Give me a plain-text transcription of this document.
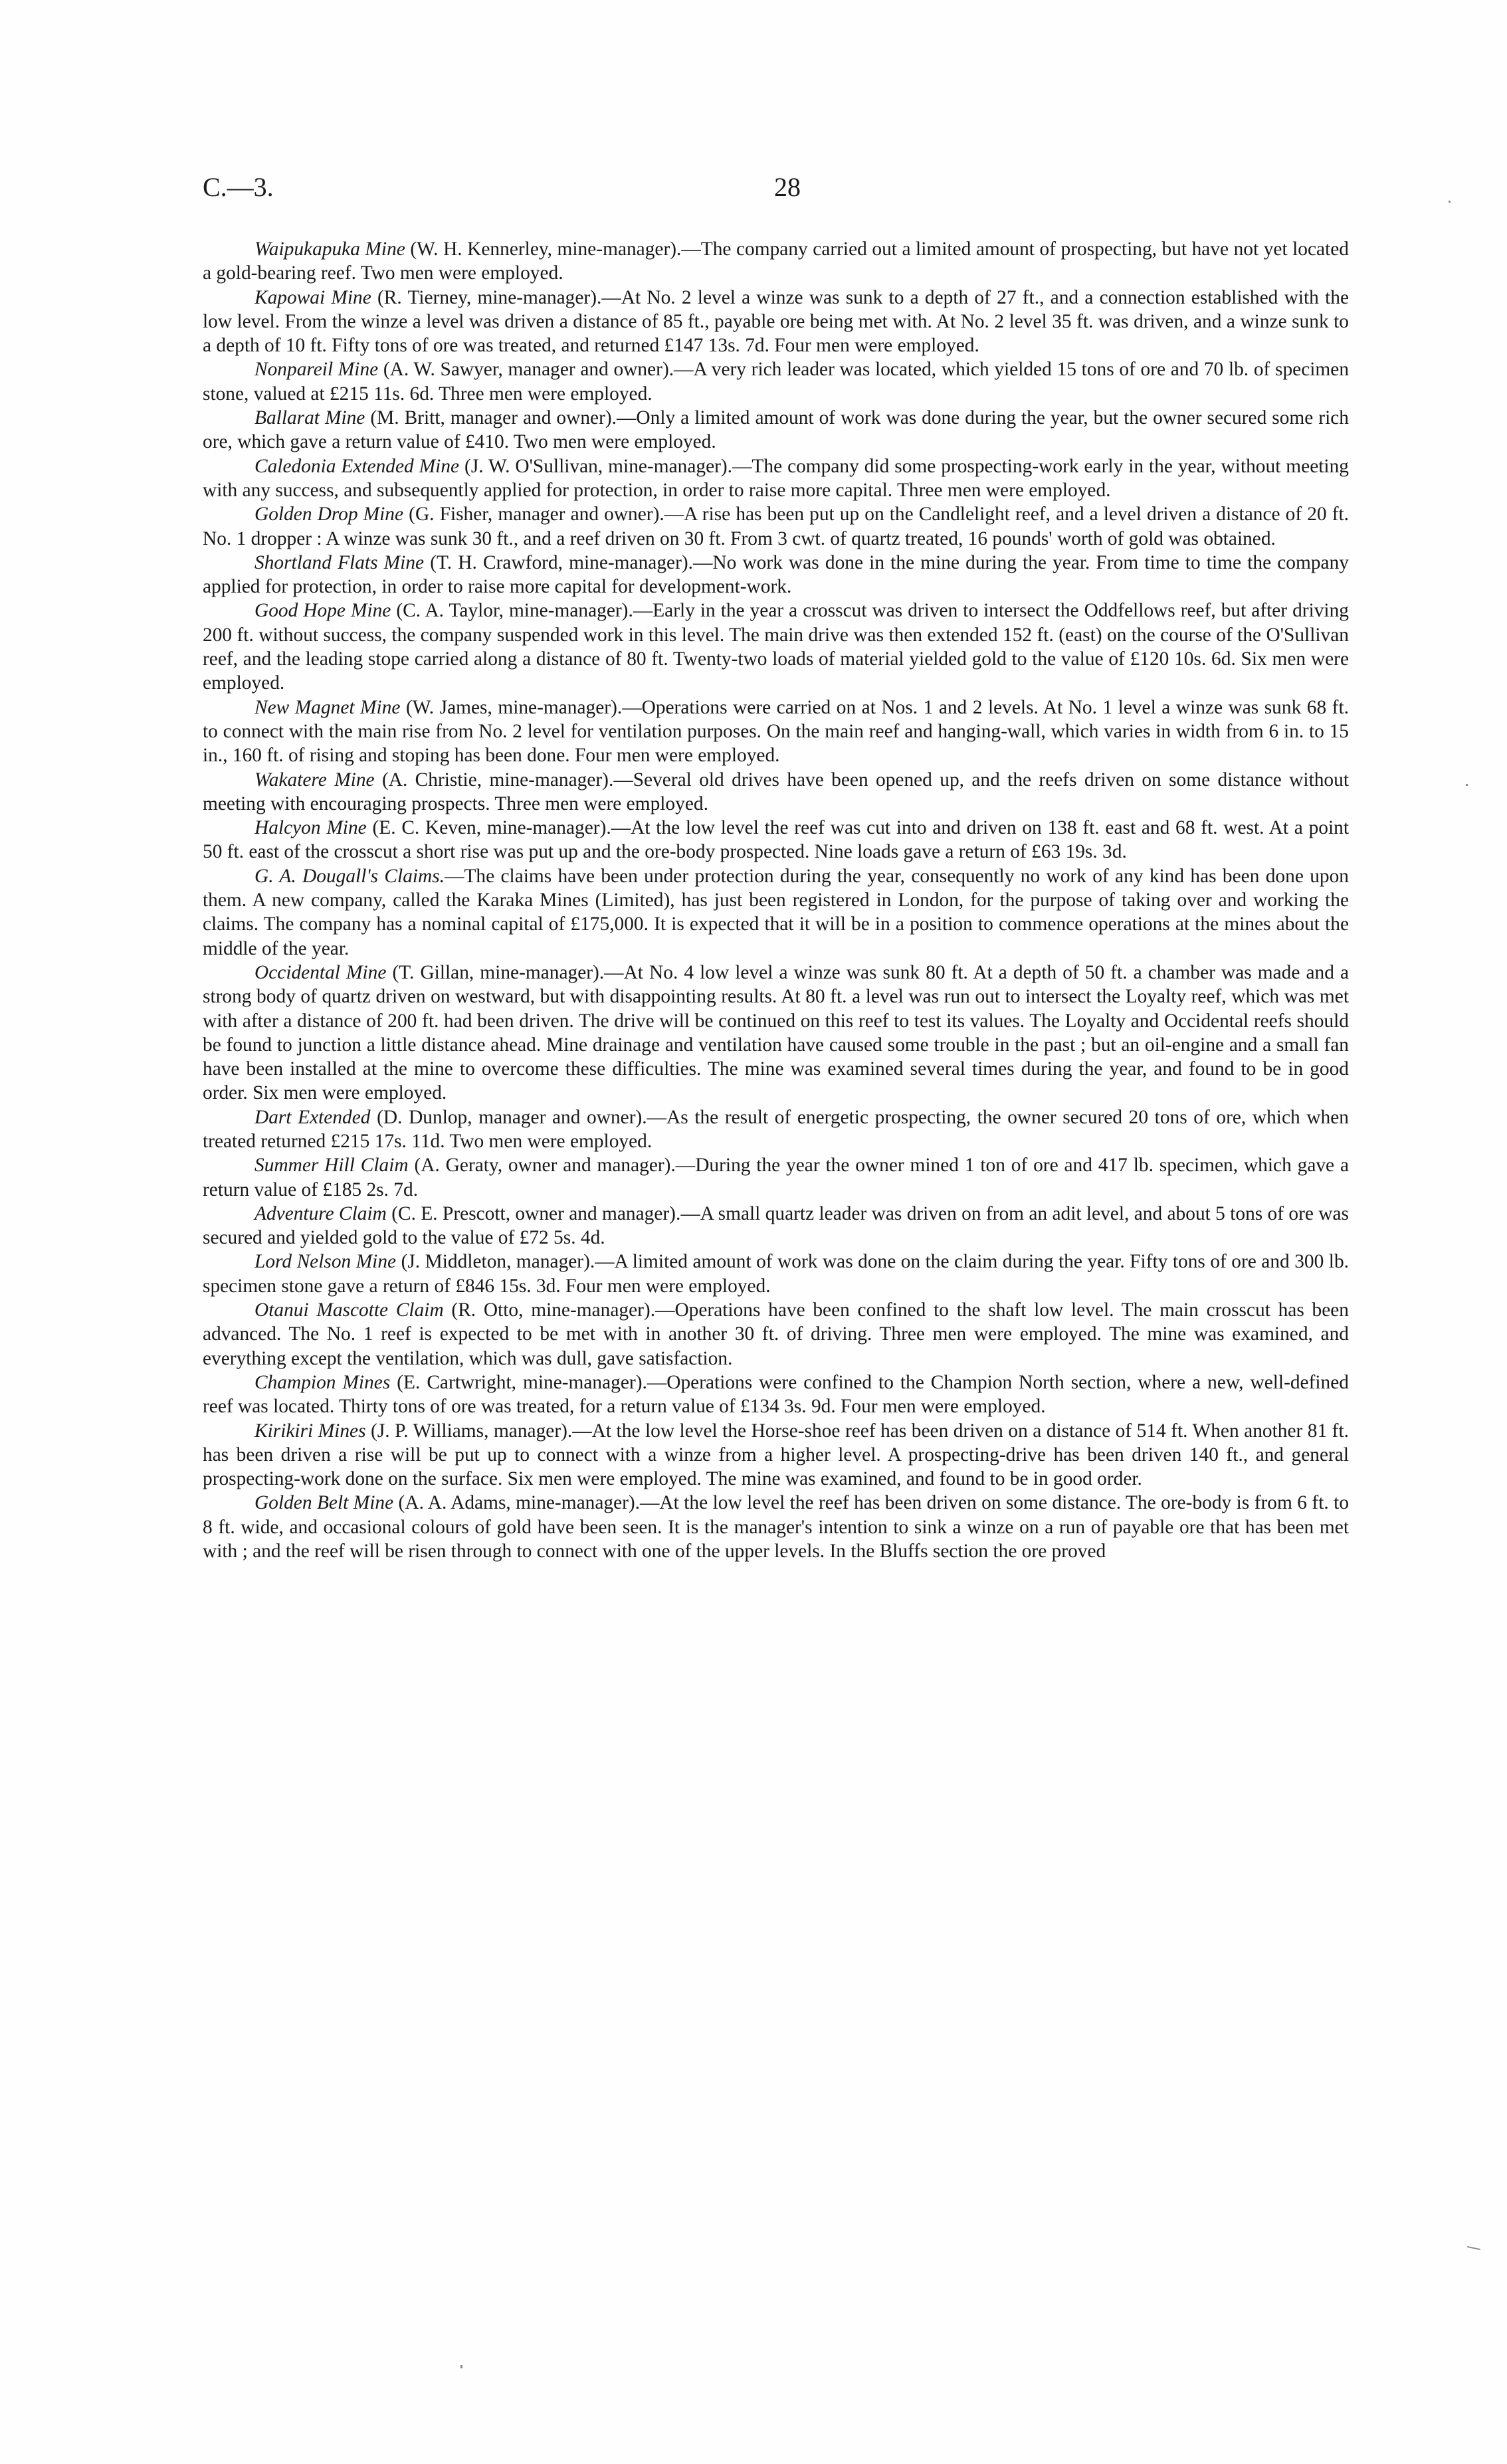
C.—3.	28

Waipukapuka Mine (W. H. Kennerley, mine-manager).—The company carried out a limited amount of prospecting, but have not yet located a gold-bearing reef. Two men were employed.

Kapowai Mine (R. Tierney, mine-manager).—At No. 2 level a winze was sunk to a depth of 27 ft., and a connection established with the low level. From the winze a level was driven a distance of 85 ft., payable ore being met with. At No. 2 level 35 ft. was driven, and a winze sunk to a depth of 10 ft. Fifty tons of ore was treated, and returned £147 13s. 7d. Four men were employed.

Nonpareil Mine (A. W. Sawyer, manager and owner).—A very rich leader was located, which yielded 15 tons of ore and 70 lb. of specimen stone, valued at £215 11s. 6d. Three men were employed.

Ballarat Mine (M. Britt, manager and owner).—Only a limited amount of work was done during the year, but the owner secured some rich ore, which gave a return value of £410. Two men were employed.

Caledonia Extended Mine (J. W. O'Sullivan, mine-manager).—The company did some prospecting-work early in the year, without meeting with any success, and subsequently applied for protection, in order to raise more capital. Three men were employed.

Golden Drop Mine (G. Fisher, manager and owner).—A rise has been put up on the Candlelight reef, and a level driven a distance of 20 ft. No. 1 dropper : A winze was sunk 30 ft., and a reef driven on 30 ft. From 3 cwt. of quartz treated, 16 pounds' worth of gold was obtained.

Shortland Flats Mine (T. H. Crawford, mine-manager).—No work was done in the mine during the year. From time to time the company applied for protection, in order to raise more capital for development-work.

Good Hope Mine (C. A. Taylor, mine-manager).—Early in the year a crosscut was driven to intersect the Oddfellows reef, but after driving 200 ft. without success, the company suspended work in this level. The main drive was then extended 152 ft. (east) on the course of the O'Sullivan reef, and the leading stope carried along a distance of 80 ft. Twenty-two loads of material yielded gold to the value of £120 10s. 6d. Six men were employed.

New Magnet Mine (W. James, mine-manager).—Operations were carried on at Nos. 1 and 2 levels. At No. 1 level a winze was sunk 68 ft. to connect with the main rise from No. 2 level for ventilation purposes. On the main reef and hanging-wall, which varies in width from 6 in. to 15 in., 160 ft. of rising and stoping has been done. Four men were employed.

Wakatere Mine (A. Christie, mine-manager).—Several old drives have been opened up, and the reefs driven on some distance without meeting with encouraging prospects. Three men were employed.

Halcyon Mine (E. C. Keven, mine-manager).—At the low level the reef was cut into and driven on 138 ft. east and 68 ft. west. At a point 50 ft. east of the crosscut a short rise was put up and the ore-body prospected. Nine loads gave a return of £63 19s. 3d.

G. A. Dougall's Claims.—The claims have been under protection during the year, consequently no work of any kind has been done upon them. A new company, called the Karaka Mines (Limited), has just been registered in London, for the purpose of taking over and working the claims. The company has a nominal capital of £175,000. It is expected that it will be in a position to commence operations at the mines about the middle of the year.

Occidental Mine (T. Gillan, mine-manager).—At No. 4 low level a winze was sunk 80 ft. At a depth of 50 ft. a chamber was made and a strong body of quartz driven on westward, but with disappointing results. At 80 ft. a level was run out to intersect the Loyalty reef, which was met with after a distance of 200 ft. had been driven. The drive will be continued on this reef to test its values. The Loyalty and Occidental reefs should be found to junction a little distance ahead. Mine drainage and ventilation have caused some trouble in the past ; but an oil-engine and a small fan have been installed at the mine to overcome these difficulties. The mine was examined several times during the year, and found to be in good order. Six men were employed.

Dart Extended (D. Dunlop, manager and owner).—As the result of energetic prospecting, the owner secured 20 tons of ore, which when treated returned £215 17s. 11d. Two men were employed.

Summer Hill Claim (A. Geraty, owner and manager).—During the year the owner mined 1 ton of ore and 417 lb. specimen, which gave a return value of £185 2s. 7d.

Adventure Claim (C. E. Prescott, owner and manager).—A small quartz leader was driven on from an adit level, and about 5 tons of ore was secured and yielded gold to the value of £72 5s. 4d.

Lord Nelson Mine (J. Middleton, manager).—A limited amount of work was done on the claim during the year. Fifty tons of ore and 300 lb. specimen stone gave a return of £846 15s. 3d. Four men were employed.

Otanui Mascotte Claim (R. Otto, mine-manager).—Operations have been confined to the shaft low level. The main crosscut has been advanced. The No. 1 reef is expected to be met with in another 30 ft. of driving. Three men were employed. The mine was examined, and everything except the ventilation, which was dull, gave satisfaction.

Champion Mines (E. Cartwright, mine-manager).—Operations were confined to the Champion North section, where a new, well-defined reef was located. Thirty tons of ore was treated, for a return value of £134 3s. 9d. Four men were employed.

Kirikiri Mines (J. P. Williams, manager).—At the low level the Horse-shoe reef has been driven on a distance of 514 ft. When another 81 ft. has been driven a rise will be put up to connect with a winze from a higher level. A prospecting-drive has been driven 140 ft., and general prospecting-work done on the surface. Six men were employed. The mine was examined, and found to be in good order.

Golden Belt Mine (A. A. Adams, mine-manager).—At the low level the reef has been driven on some distance. The ore-body is from 6 ft. to 8 ft. wide, and occasional colours of gold have been seen. It is the manager's intention to sink a winze on a run of payable ore that has been met with ; and the reef will be risen through to connect with one of the upper levels. In the Bluffs section the ore proved
